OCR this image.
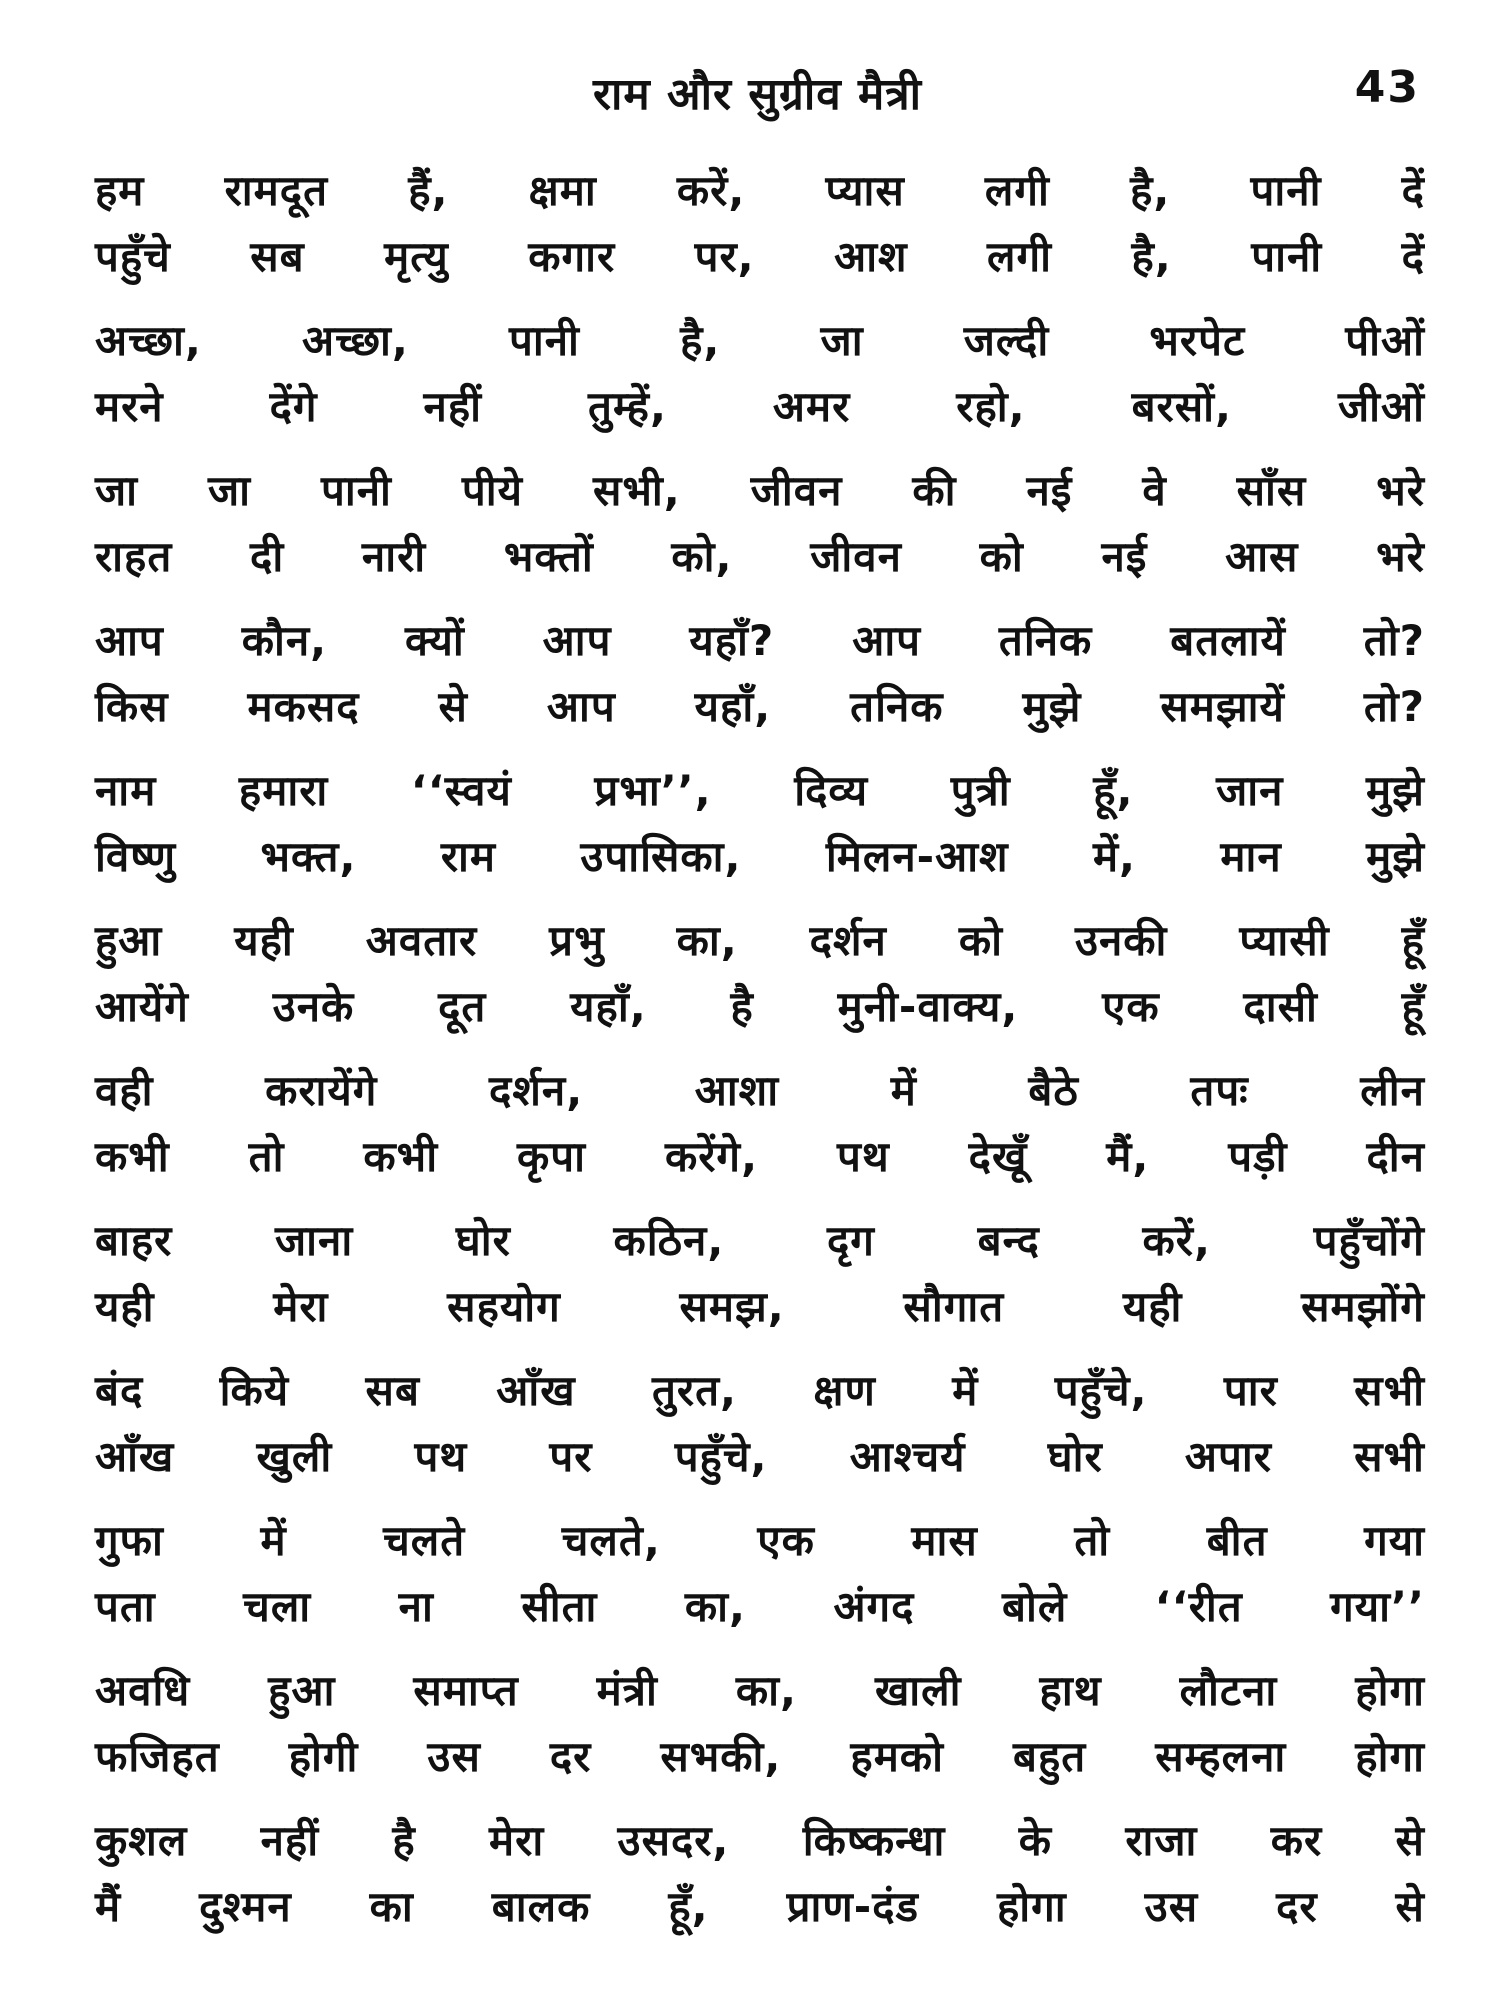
राम और सुग्रीव मैत्री	43
हम रामदूत हैं, क्षमा करें, प्यास लगी है, पानी दें
पहुँचे सब मृत्यु कगार पर, आश लगी है, पानी दें
अच्छा, अच्छा, पानी है, जा जल्दी भरपेट पीओं
मरने	देंगे	नहीं	तुम्हें,	अमर	रहो,	बरसों,	जीओं
जा जा पानी पीये सभी, जीवन की नई वे साँस भरे
राहत दी नारी भक्तों को, जीवन को नई आस भरे
आप कौन, क्यों आप यहाँ? आप तनिक बतलायें तो?
किस मकसद से आप यहाँ, तनिक मुझे समझायें तो?
नाम हमारा ‘‘स्वयं प्रभा’’, दिव्य पुत्री हूँ, जान मुझे
विष्णु भक्त, राम उपासिका, मिलन-आश में, मान मुझे
हुआ यही अवतार प्रभु का, दर्शन को उनकी प्यासी हूँ
आयेंगे उनके दूत यहाँ, है मुनी-वाक्य, एक दासी हूँ
वही	करायेंगे	दर्शन,	आशा	में	बैठे	तपः	लीन
कभी तो कभी कृपा करेंगे, पथ देखूँ मैं, पड़ी दीन
बाहर जाना घोर कठिन, दृग बन्द करें, पहुँचोंगे
यही	मेरा	सहयोग	समझ,	सौगात	यही	समझोंगे
बंद किये सब आँख तुरत, क्षण में पहुँचे, पार सभी
आँख खुली पथ पर पहुँचे, आश्चर्य घोर अपार सभी
गुफा में चलते चलते, एक मास तो बीत गया
पता चला ना सीता का, अंगद बोले ‘‘रीत गया’’
अवधि हुआ समाप्त मंत्री का, खाली हाथ लौटना होगा
फजिहत होगी उस दर सभकी, हमको बहुत सम्हलना होगा
कुशल नहीं है मेरा उसदर, किष्कन्धा के राजा कर से
मैं दुश्मन का बालक हूँ, प्राण-दंड होगा उस दर से
